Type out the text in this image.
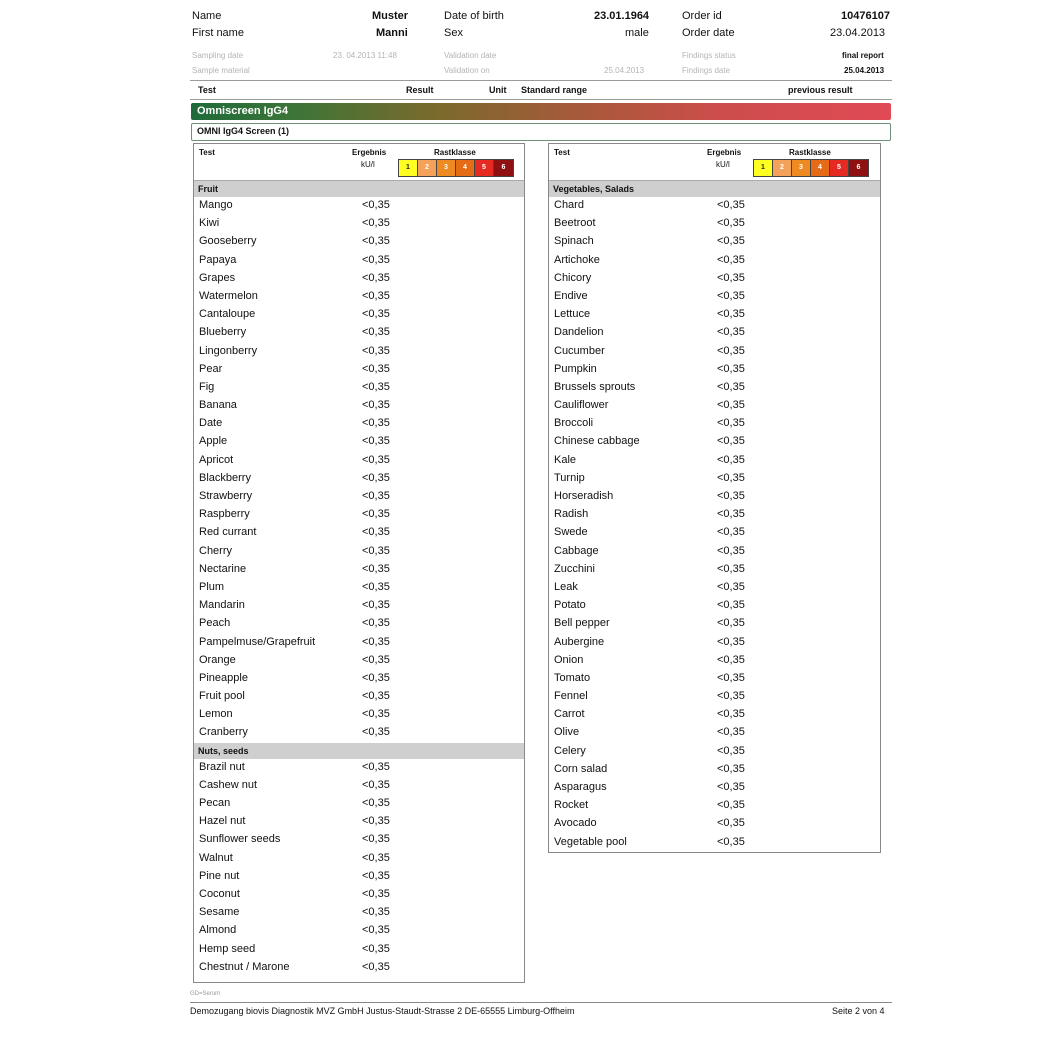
Name	Muster
First name	Manni
Date of birth	23.01.1964
Sex	male
Order id	10476107
Order date	23.04.2013
Sampling date	23. 04.2013 11:48
Sample material
Validation date
Validation on	25.04.2013
Findings status	final report
Findings date	25.04.2013
Test	Result	Unit Standard range	previous result
Omniscreen IgG4
OMNI IgG4 Screen (1)
Test	Ergebnis
kU/l
Rastklasse
1	2	3	4	5	6
Fruit
Mango	<0,35
Kiwi	<0,35
Gooseberry	<0,35
Papaya	<0,35
Grapes	<0,35
Watermelon	<0,35
Cantaloupe	<0,35
Blueberry	<0,35
Lingonberry	<0,35
Pear	<0,35
Fig	<0,35
Banana	<0,35
Date	<0,35
Apple	<0,35
Apricot	<0,35
Blackberry	<0,35
Strawberry	<0,35
Raspberry	<0,35
Red currant	<0,35
Cherry	<0,35
Nectarine	<0,35
Plum	<0,35
Mandarin	<0,35
Peach	<0,35
Pampelmuse/Grapefruit	<0,35
Orange	<0,35
Pineapple	<0,35
Fruit pool	<0,35
Lemon	<0,35
Cranberry	<0,35
Nuts, seeds
Brazil nut	<0,35
Cashew nut	<0,35
Pecan	<0,35
Hazel nut	<0,35
Sunflower seeds	<0,35
Walnut	<0,35
Pine nut	<0,35
Coconut	<0,35
Sesame	<0,35
Almond	<0,35
Hemp seed	<0,35
Chestnut / Marone	<0,35
Test	Ergebnis
kU/l
Rastklasse
1	2	3	4	5	6
Vegetables, Salads
Chard	<0,35
Beetroot	<0,35
Spinach	<0,35
Artichoke	<0,35
Chicory	<0,35
Endive	<0,35
Lettuce	<0,35
Dandelion	<0,35
Cucumber	<0,35
Pumpkin	<0,35
Brussels sprouts	<0,35
Cauliflower	<0,35
Broccoli	<0,35
Chinese cabbage	<0,35
Kale	<0,35
Turnip	<0,35
Horseradish	<0,35
Radish	<0,35
Swede	<0,35
Cabbage	<0,35
Zucchini	<0,35
Leak	<0,35
Potato	<0,35
Bell pepper	<0,35
Aubergine	<0,35
Onion	<0,35
Tomato	<0,35
Fennel	<0,35
Carrot	<0,35
Olive	<0,35
Celery	<0,35
Corn salad	<0,35
Asparagus	<0,35
Rocket	<0,35
Avocado	<0,35
Vegetable pool	<0,35
GD=Serum
Demozugang biovis Diagnostik MVZ GmbH Justus-Staudt-Strasse 2 DE-65555 Limburg-Offheim	Seite 2 von 4
